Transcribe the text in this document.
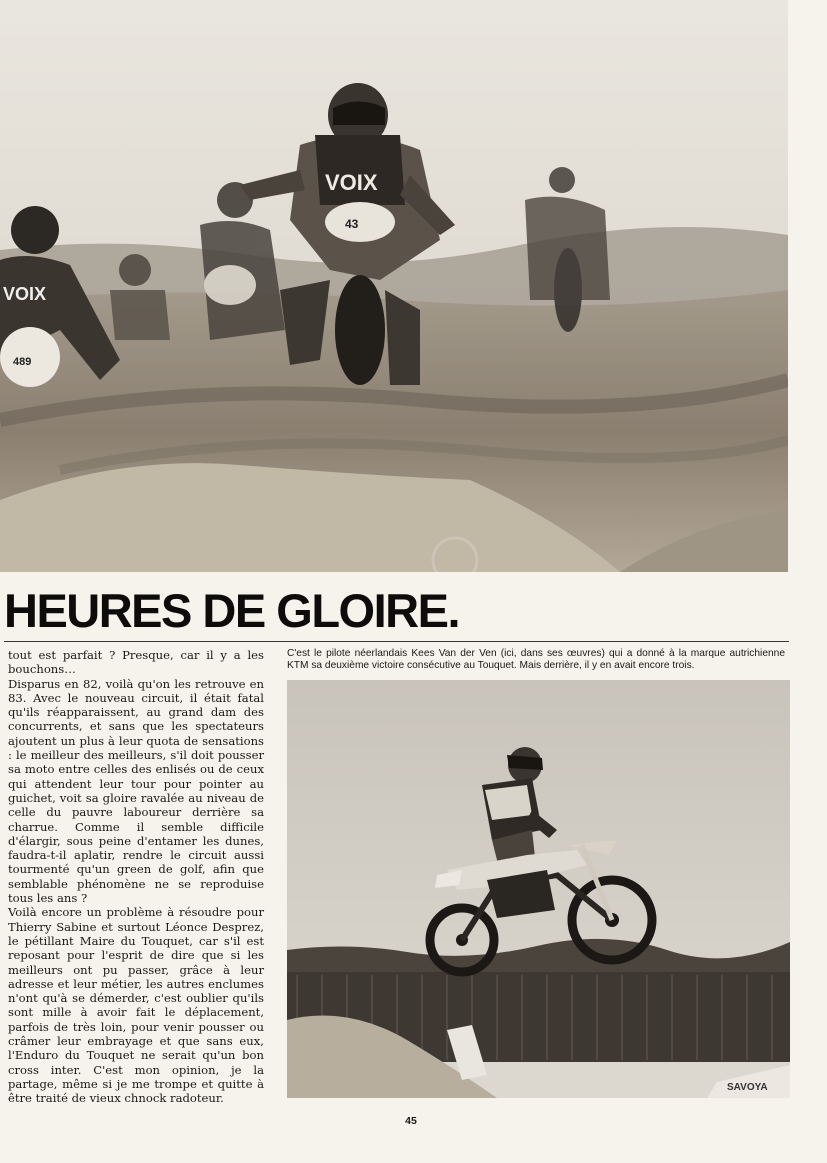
489
VOIX
VOIX
43
HEURES DE GLOIRE.

tout est parfait ? Presque, car il y a les bouchons…

Disparus en 82, voilà qu'on les retrouve en 83. Avec le nouveau circuit, il était fatal qu'ils réapparaissent, au grand dam des concurrents, et sans que les spectateurs ajoutent un plus à leur quota de sensations : le meilleur des meilleurs, s'il doit pousser sa moto entre celles des enlisés ou de ceux qui attendent leur tour pour pointer au guichet, voit sa gloire ravalée au niveau de celle du pauvre laboureur derrière sa charrue. Comme il semble difficile d'élargir, sous peine d'entamer les dunes, faudra-t-il aplatir, rendre le circuit aussi tourmenté qu'un green de golf, afin que semblable phénomène ne se reproduise tous les ans ?

Voilà encore un problème à résoudre pour Thierry Sabine et surtout Léonce Desprez, le pétillant Maire du Touquet, car s'il est reposant pour l'esprit de dire que si les meilleurs ont pu passer, grâce à leur adresse et leur métier, les autres enclumes n'ont qu'à se démerder, c'est oublier qu'ils sont mille à avoir fait le déplacement, parfois de très loin, pour venir pousser ou crâmer leur embrayage et que sans eux, l'Enduro du Touquet ne serait qu'un bon cross inter. C'est mon opinion, je la partage, même si je me trompe et quitte à être traité de vieux chnock radoteur.

C'est le pilote néerlandais Kees Van der Ven (ici, dans ses œuvres) qui a donné à la marque autrichienne KTM sa deuxième victoire consécutive au Touquet. Mais derrière, il y en avait encore trois.
SAVOYA
45
